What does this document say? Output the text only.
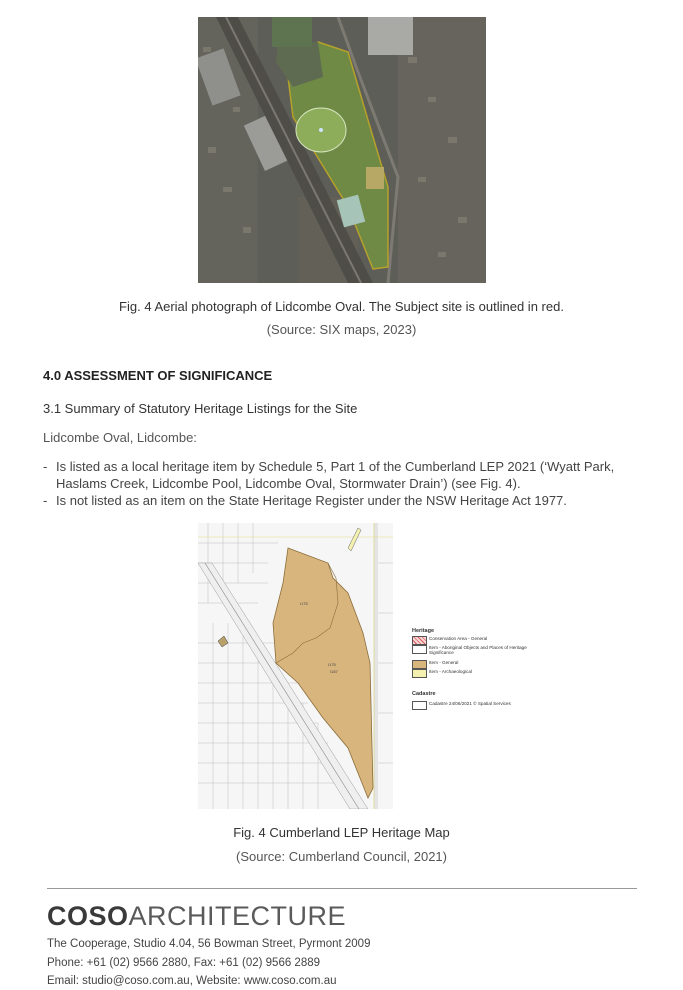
Fig. 4 Aerial photograph of Lidcombe Oval. The Subject site is outlined in red.
(Source: SIX maps, 2023)
4.0 ASSESSMENT OF SIGNIFICANCE
3.1 Summary of Statutory Heritage Listings for the Site
Lidcombe Oval, Lidcombe:
- Is listed as a local heritage item by Schedule 5, Part 1 of the Cumberland LEP 2021 (‘Wyatt Park, Haslams Creek, Lidcombe Pool, Lidcombe Oval, Stormwater Drain’) (see Fig. 4).
- Is not listed as an item on the State Heritage Register under the NSW Heritage Act 1977.
I175
I175
I187
Heritage
Conservation Area - General
Item - Aboriginal Objects and Places of Heritage Significance
Item - General
Item - Archaeological
Cadastre
Cadastre 24/06/2021 © Spatial Services
Fig. 4 Cumberland LEP Heritage Map
(Source: Cumberland Council, 2021)
COSOARCHITECTURE
The Cooperage, Studio 4.04, 56 Bowman Street, Pyrmont 2009
Phone: +61 (02) 9566 2880, Fax: +61 (02) 9566 2889
Email: studio@coso.com.au, Website: www.coso.com.au
